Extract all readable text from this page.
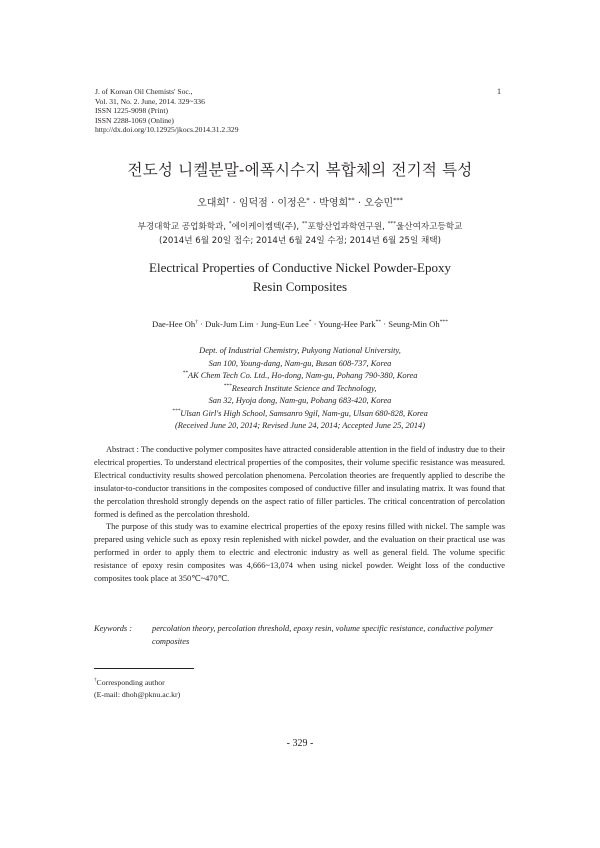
J. of Korean Oil Chemists' Soc.,
Vol. 31, No. 2. June, 2014. 329~336
ISSN 1225-9098 (Print)
ISSN 2288-1069 (Online)
http://dx.doi.org/10.12925/jkocs.2014.31.2.329
1
전도성 니켈분말-에폭시수지 복합체의 전기적 특성
오대희† · 임덕점 · 이정은* · 박영희** · 오승민***
부경대학교 공업화학과, *에이케이켐텍(주), **포항산업과학연구원, ***울산여자고등학교
(2014년 6월 20일 접수; 2014년 6월 24일 수정; 2014년 6월 25일 채택)
Electrical Properties of Conductive Nickel Powder-Epoxy
Resin Composites
Dae-Hee Oh† · Duk-Jum Lim · Jung-Eun Lee* · Young-Hee Park** · Seung-Min Oh***
Dept. of Industrial Chemistry, Pukyong National University,
San 100, Young-dang, Nam-gu, Busan 608-737, Korea
**AK Chem Tech Co. Ltd., Ho-dong, Nam-gu, Pohang 790-380, Korea
***Research Institute Science and Technology,
San 32, Hyoja dong, Nam-gu, Pohang 683-420, Korea
***Ulsan Girl's High School, Samsanro 9gil, Nam-gu, Ulsan 680-828, Korea
(Received June 20, 2014; Revised June 24, 2014; Accepted June 25, 2014)

Abstract : The conductive polymer composites have attracted considerable attention in the field of industry due to their electrical properties. To understand electrical properties of the composites, their volume specific resistance was measured. Electrical conductivity results showed percolation phenomena. Percolation theories are frequently applied to describe the insulator-to-conductor transitions in the composites composed of conductive filler and insulating matrix. It was found that the percolation threshold strongly depends on the aspect ratio of filler particles. The critical concentration of percolation formed is defined as the percolation threshold.

The purpose of this study was to examine electrical properties of the epoxy resins filled with nickel. The sample was prepared using vehicle such as epoxy resin replenished with nickel powder, and the evaluation on their practical use was performed in order to apply them to electric and electronic industry as well as general field. The volume specific resistance of epoxy resin composites was 4,666~13,074 when using nickel powder. Weight loss of the conductive composites took place at 350℃~470℃.

Keywords : percolation theory, percolation threshold, epoxy resin, volume specific resistance, conductive polymer composites
†Corresponding author
(E-mail: dhoh@pknu.ac.kr)
- 329 -
